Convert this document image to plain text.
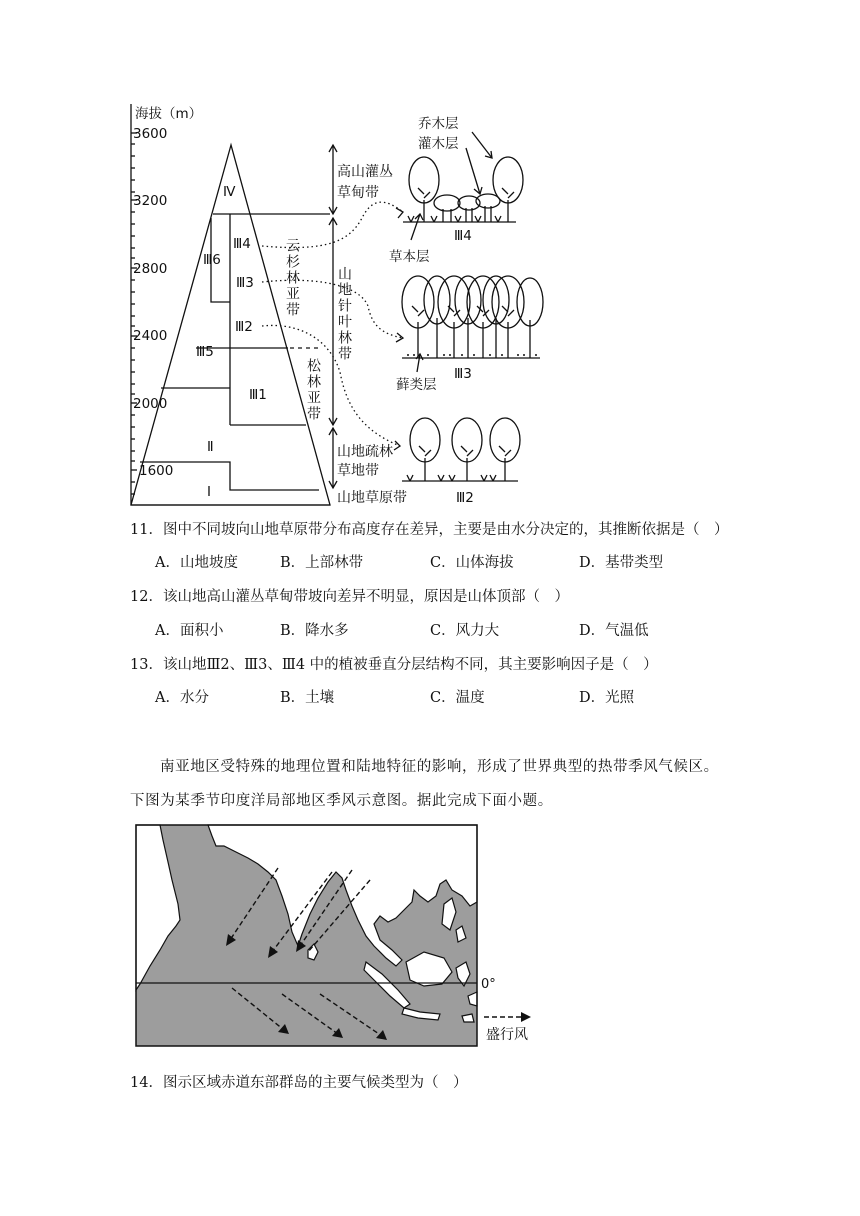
海拔（m）
3600
3200
2800
2400
2000
1600
Ⅳ
Ⅲ4
Ⅲ6
Ⅲ3
Ⅲ2
Ⅲ5
Ⅲ1
Ⅱ
Ⅰ
云杉林亚带
松林亚带
山地针叶林带
高山灌丛
草甸带
山地疏林
草地带
山地草原带
乔木层
灌木层
草本层
藓类层
Ⅲ4
Ⅲ3
Ⅲ2
11．图中不同坡向山地草原带分布高度存在差异，主要是由水分决定的，其推断依据是（　）
A．山地坡度	B．上部林带	C．山体海拔	D．基带类型
12．该山地高山灌丛草甸带坡向差异不明显，原因是山体顶部（　）
A．面积小	B．降水多	C．风力大	D．气温低
13．该山地Ⅲ2、Ⅲ3、Ⅲ4 中的植被垂直分层结构不同，其主要影响因子是（　）
A．水分	B．土壤	C．温度	D．光照
南亚地区受特殊的地理位置和陆地特征的影响，形成了世界典型的热带季风气候区。
下图为某季节印度洋局部地区季风示意图。据此完成下面小题。
0°
盛行风
14．图示区域赤道东部群岛的主要气候类型为（　）
